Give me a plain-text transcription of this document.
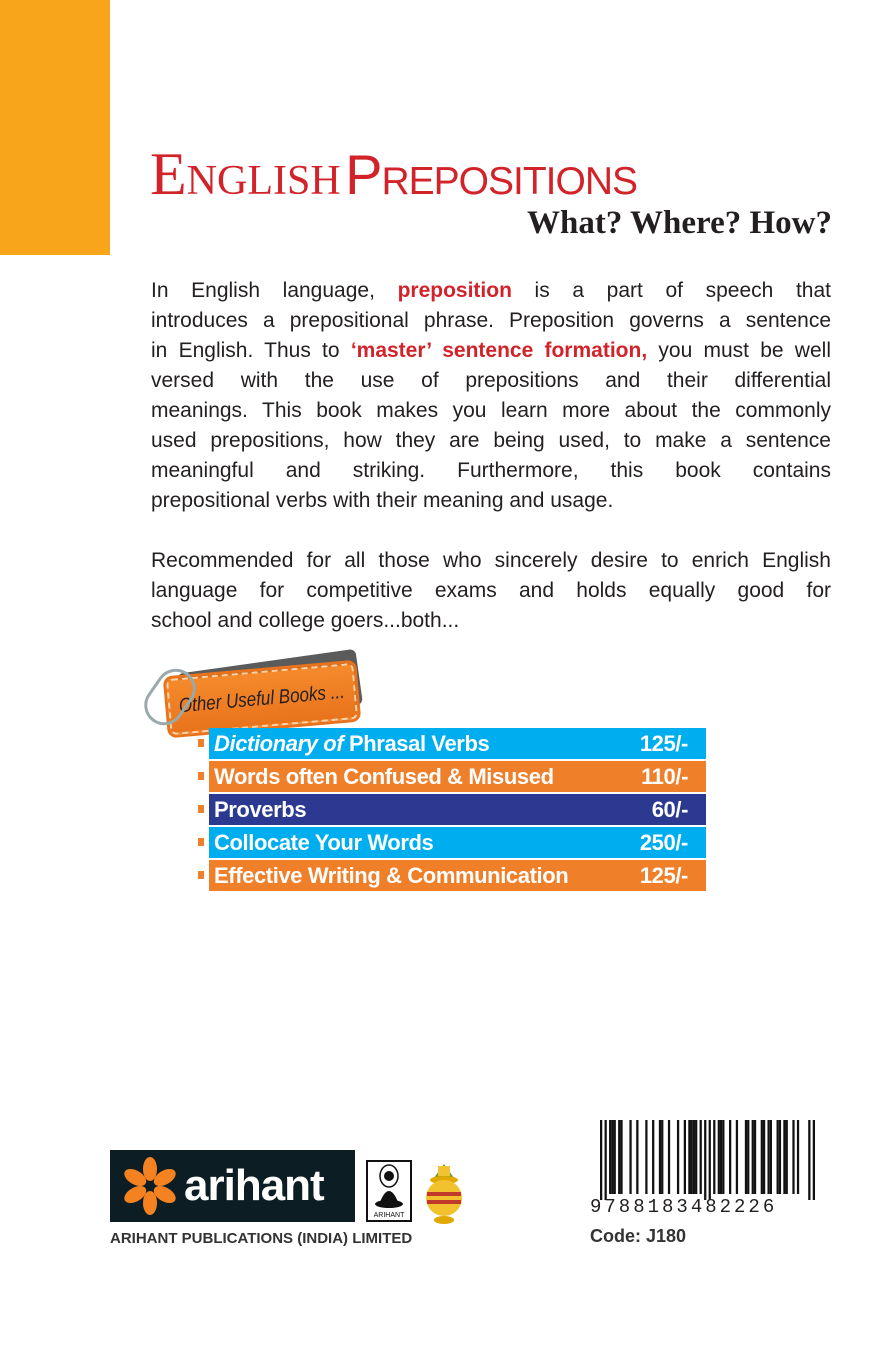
English Prepositions
What? Where? How?
In English language, preposition is a part of speech that
introduces a prepositional phrase. Preposition governs a sentence
in English. Thus to ‘master’ sentence formation, you must be well
versed with the use of prepositions and their differential
meanings. This book makes you learn more about the commonly
used prepositions, how they are being used, to make a sentence
meaningful and striking. Furthermore, this book contains
prepositional verbs with their meaning and usage.
Recommended for all those who sincerely desire to enrich English
language for competitive exams and holds equally good for
school and college goers...both...
Other Useful Books ...
Dictionary of Phrasal Verbs	125/-
Words often Confused & Misused	110/-
Proverbs	60/-
Collocate Your Words	250/-
Effective Writing & Communication	125/-
arihant
ARIHANT
ARIHANT PUBLICATIONS (INDIA) LIMITED
9788183482226
Code: J180
